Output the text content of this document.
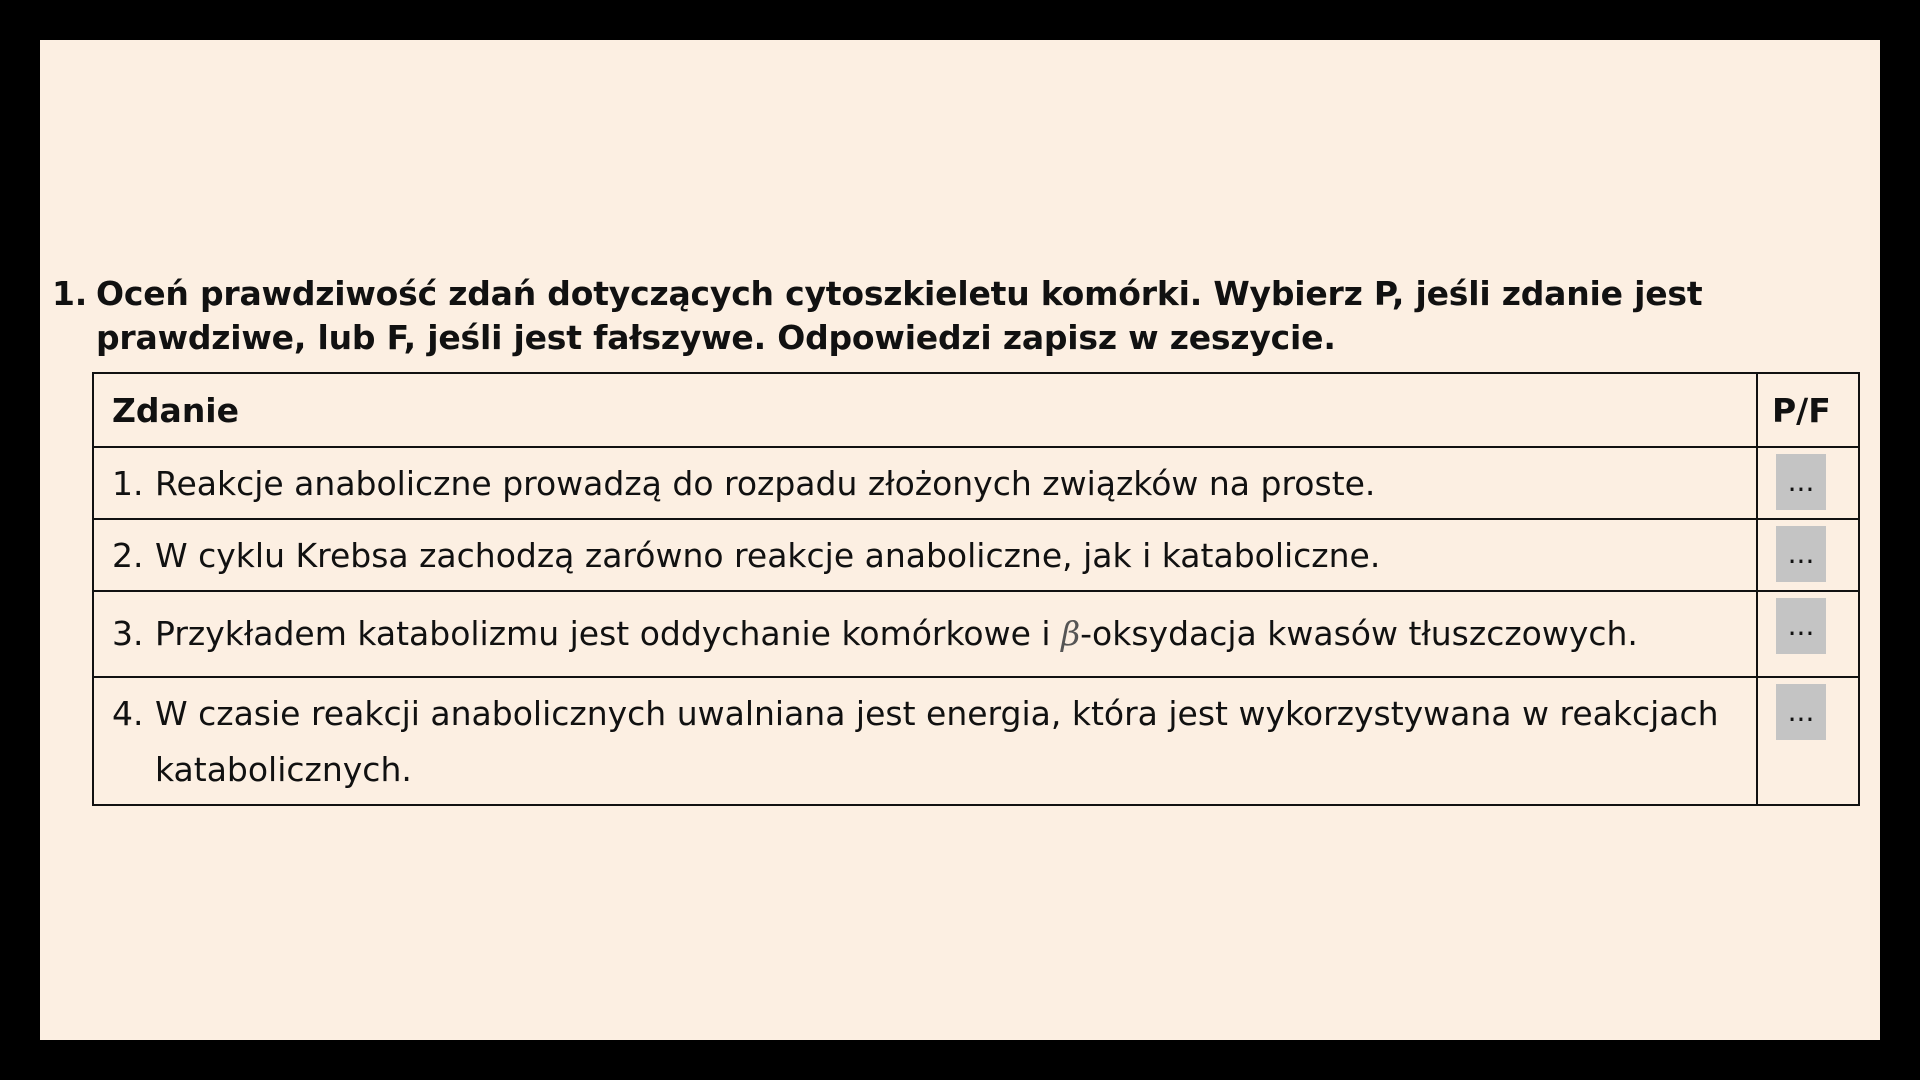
1. Oceń prawdziwość zdań dotyczących cytoszkieletu komórki. Wybierz P, jeśli zdanie jest prawdziwe, lub F, jeśli jest fałszywe. Odpowiedzi zapisz w zeszycie.
Zdanie	P/F

1. Reakcje anaboliczne prowadzą do rozpadu złożonych związków na proste.	...

2. W cyklu Krebsa zachodzą zarówno reakcje anaboliczne, jak i kataboliczne.	...

3. Przykładem katabolizmu jest oddychanie komórkowe i β-oksydacja kwasów tłuszczowych.	...

4. W czasie reakcji anabolicznych uwalniana jest energia, która jest wykorzystywana w reakcjach katabolicznych.	...
